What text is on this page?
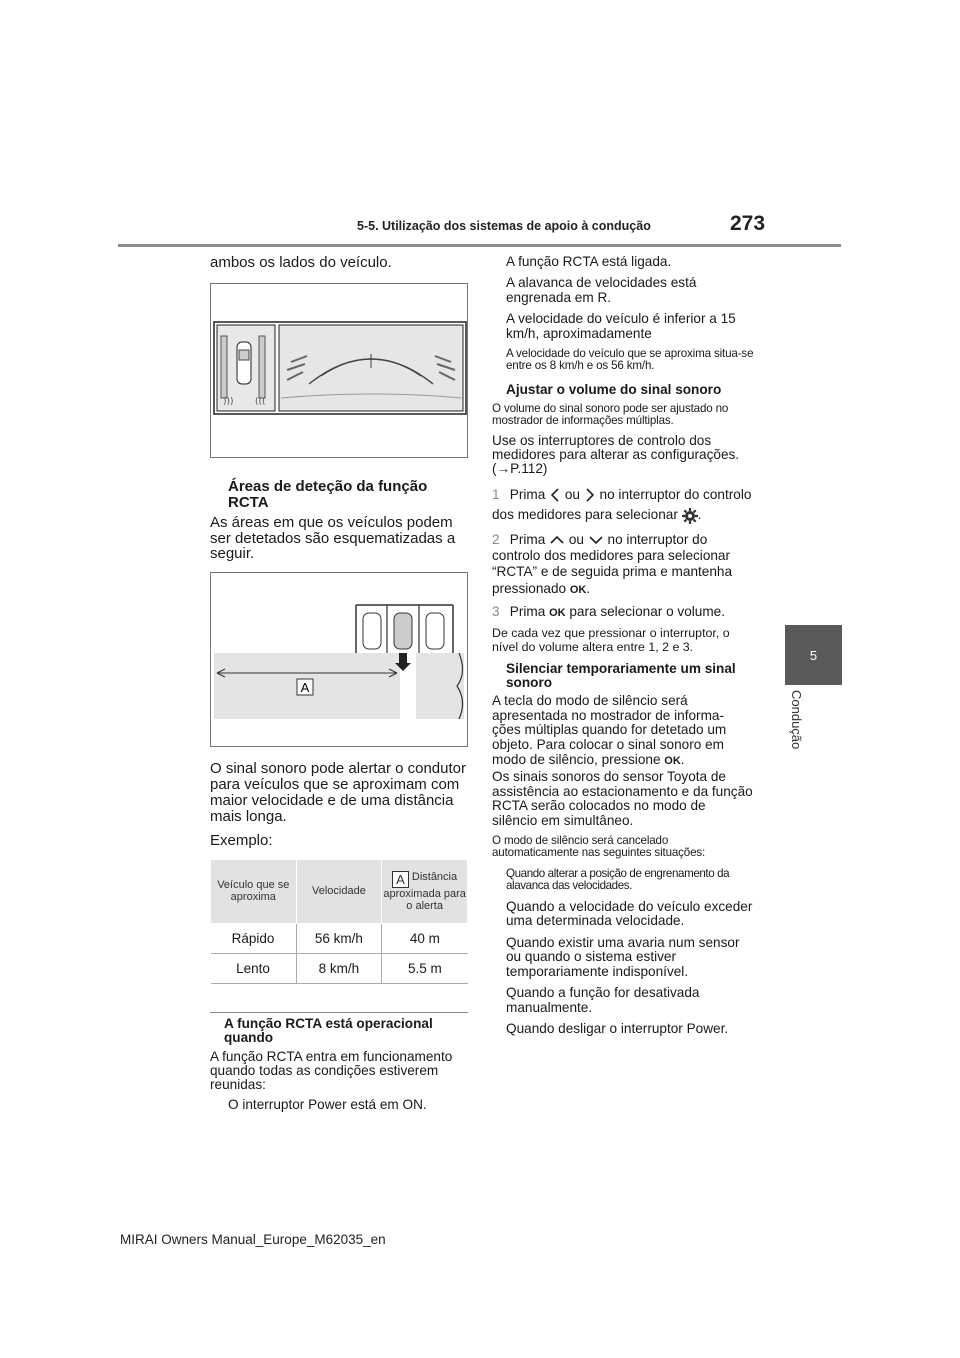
5-5. Utilização dos sistemas de apoio à condução	273
5
Condução

ambos os lados do veículo.

))) (((

Áreas de deteção da função RCTA

As áreas em que os veículos podem ser detetados são esquematizadas a seguir.

A

O sinal sonoro pode alertar o condutor para veículos que se aproximam com maior velocidade e de uma distância mais longa.

Exemplo:

Veículo que se aproxima	Velocidade	A Distância aproximada para o alerta
Rápido	56 km/h	40 m
Lento	8 km/h	5.5 m

A função RCTA está operacional quando

A função RCTA entra em funcionamento quando todas as condições estiverem reunidas:

O interruptor Power está em ON.

A função RCTA está ligada.

A alavanca de velocidades está engrenada em R.

A velocidade do veículo é inferior a 15 km/h, aproximadamente

A velocidade do veículo que se aproxima situa-se entre os 8 km/h e os 56 km/h.

Ajustar o volume do sinal sonoro

O volume do sinal sonoro pode ser ajustado no mostrador de informações múltiplas.

Use os interruptores de controlo dos medidores para alterar as configurações. (→P.112)

1 Prima ou no interruptor do controlo dos medidores para selecionar .

2 Prima ou no interruptor do controlo dos medidores para selecionar “RCTA” e de seguida prima e mantenha pressionado OK.

3 Prima OK para selecionar o volume.

De cada vez que pressionar o interruptor, o nível do volume altera entre 1, 2 e 3.

Silenciar temporariamente um sinal sonoro

A tecla do modo de silêncio será apresentada no mostrador de informa- ções múltiplas quando for detetado um objeto. Para colocar o sinal sonoro em modo de silêncio, pressione OK.

Os sinais sonoros do sensor Toyota de assistência ao estacionamento e da função RCTA serão colocados no modo de silêncio em simultâneo.

O modo de silêncio será cancelado automaticamente nas seguintes situações:

Quando alterar a posição de engrenamento da alavanca das velocidades.

Quando a velocidade do veículo exceder uma determinada velocidade.

Quando existir uma avaria num sensor ou quando o sistema estiver temporariamente indisponível.

Quando a função for desativada manualmente.

Quando desligar o interruptor Power.

MIRAI Owners Manual_Europe_M62035_en
